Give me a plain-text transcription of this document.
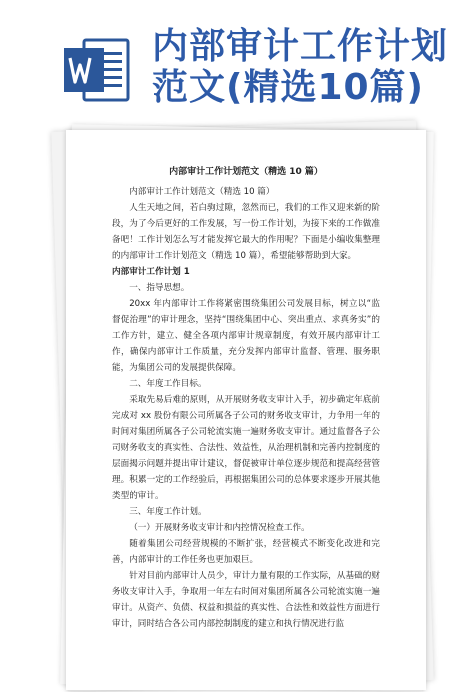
内部审计工作计划
范文(精选10篇)
内部审计工作计划范文（精选 10 篇）

内部审计工作计划范文（精选 10 篇）

人生天地之间，若白驹过隙，忽然而已，我们的工作又迎来新的阶段，为了今后更好的工作发展，写一份工作计划，为接下来的工作做准备吧！工作计划怎么写才能发挥它最大的作用呢？下面是小编收集整理的内部审计工作计划范文（精选 10 篇），希望能够帮助到大家。

内部审计工作计划 1

一、指导思想。

20xx 年内部审计工作将紧密围绕集团公司发展目标，树立以“监督促治理”的审计理念，坚持“围绕集团中心、突出重点、求真务实”的工作方针，建立、健全各项内部审计规章制度，有效开展内部审计工作，确保内部审计工作质量，充分发挥内部审计监督、管理、服务职能，为集团公司的发展提供保障。

二、年度工作目标。

采取先易后难的原则，从开展财务收支审计入手，初步确定年底前完成对 xx 股份有限公司所属各子公司的财务收支审计，力争用一年的时间对集团所属各子公司轮流实施一遍财务收支审计。通过监督各子公司财务收支的真实性、合法性、效益性，从治理机制和完善内控制度的层面揭示问题并提出审计建议，督促被审计单位逐步规范和提高经营管理。积累一定的工作经验后，再根据集团公司的总体要求逐步开展其他类型的审计。

三、年度工作计划。

（一）开展财务收支审计和内控情况检查工作。

随着集团公司经营规模的不断扩张，经营模式不断变化改进和完善，内部审计的工作任务也更加艰巨。

针对目前内部审计人员少，审计力量有限的工作实际，从基础的财务收支审计入手，争取用一年左右时间对集团所属各公司轮流实施一遍审计。从资产、负债、权益和损益的真实性、合法性和效益性方面进行审计，同时结合各公司内部控制制度的建立和执行情况进行监
